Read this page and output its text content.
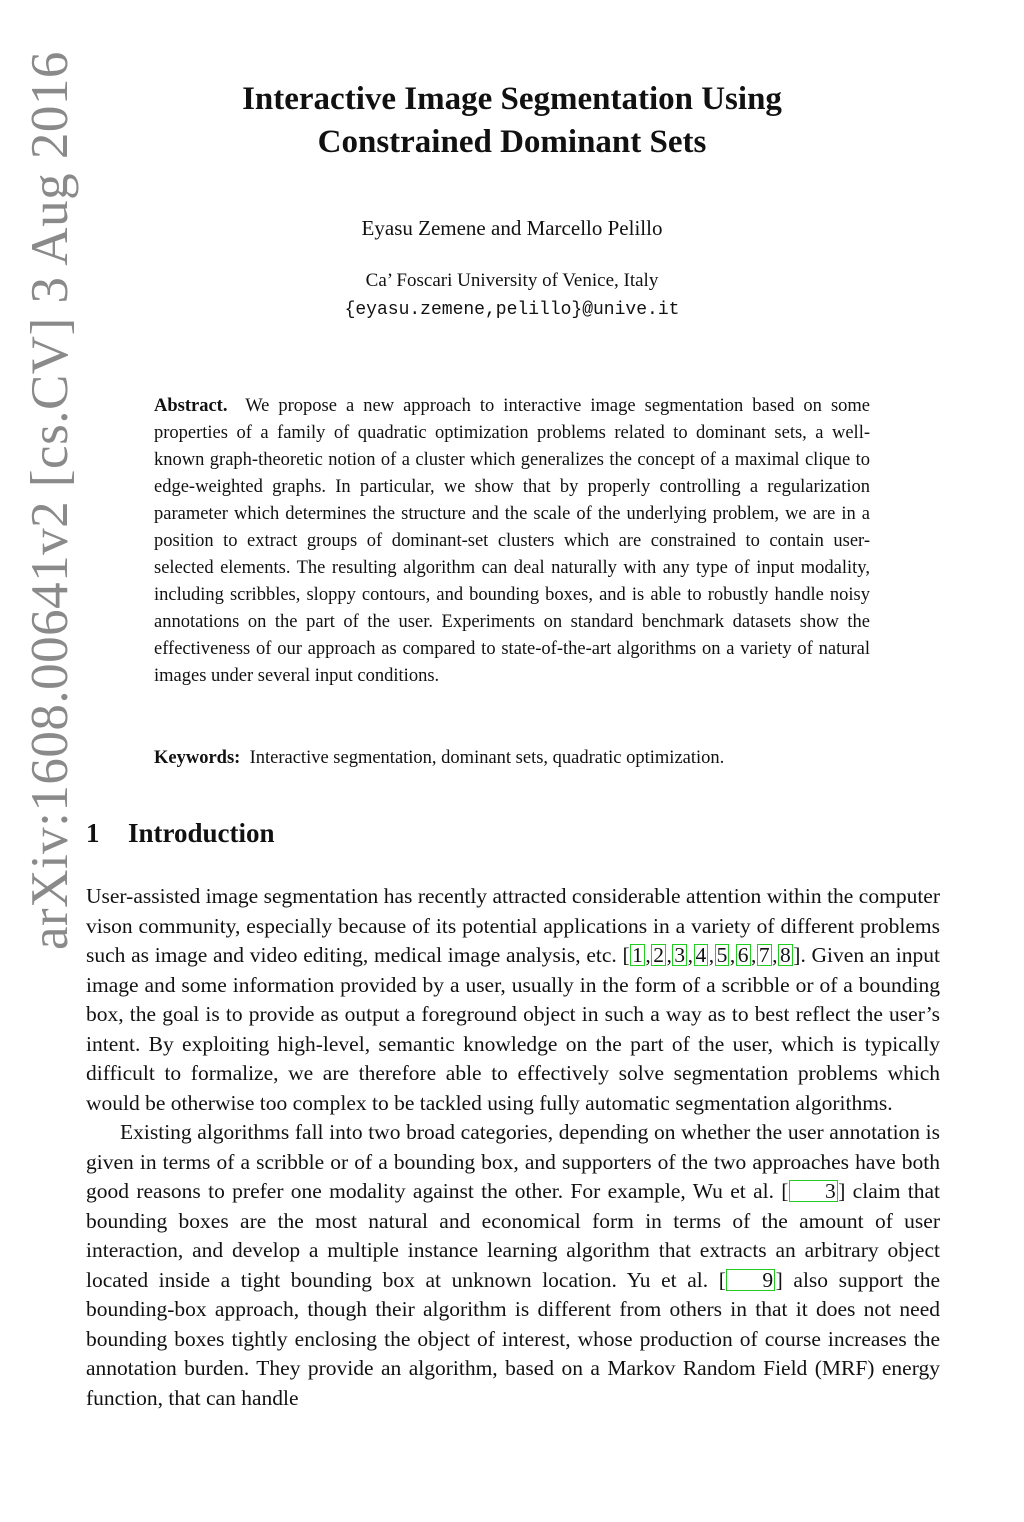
arXiv:1608.00641v2 [cs.CV] 3 Aug 2016	Interactive Image Segmentation Using
Constrained Dominant Sets
Eyasu Zemene and Marcello Pelillo
Ca’ Foscari University of Venice, Italy
{eyasu.zemene,pelillo}@unive.it

Abstract. We propose a new approach to interactive image segmentation based on some properties of a family of quadratic optimization problems related to dominant sets, a well-known graph-theoretic notion of a cluster which generalizes the concept of a maximal clique to edge-weighted graphs. In particular, we show that by properly controlling a regularization parameter which determines the structure and the scale of the underlying problem, we are in a position to extract groups of dominant-set clusters which are constrained to contain user-selected elements. The resulting algorithm can deal naturally with any type of input modality, including scribbles, sloppy contours, and bounding boxes, and is able to robustly handle noisy annotations on the part of the user. Experiments on standard benchmark datasets show the effectiveness of our approach as compared to state-of-the-art algorithms on a variety of natural images under several input conditions.

Keywords: Interactive segmentation, dominant sets, quadratic optimization.

1 Introduction

User-assisted image segmentation has recently attracted considerable attention within the computer vison community, especially because of its potential applications in a variety of different problems such as image and video editing, medical image analysis, etc. [ 1 , 2 , 3 , 4 , 5 , 6 , 7 , 8 ]. Given an input image and some information provided by a user, usually in the form of a scribble or of a bounding box, the goal is to provide as output a foreground object in such a way as to best reflect the user’s intent. By exploiting high-level, semantic knowledge on the part of the user, which is typically difficult to formalize, we are therefore able to effectively solve segmentation problems which would be otherwise too complex to be tackled using fully automatic segmentation algorithms.

Existing algorithms fall into two broad categories, depending on whether the user annotation is given in terms of a scribble or of a bounding box, and supporters of the two approaches have both good reasons to prefer one modality against the other. For example, Wu et al. [ 3 ] claim that bounding boxes are the most natural and economical form in terms of the amount of user interaction, and develop a multiple instance learning algorithm that extracts an arbitrary object located inside a tight bounding box at unknown location. Yu et al. [ 9 ] also support the bounding-box approach, though their algorithm is different from others in that it does not need bounding boxes tightly enclosing the object of interest, whose production of course increases the annotation burden. They provide an algorithm, based on a Markov Random Field (MRF) energy function, that can handle
